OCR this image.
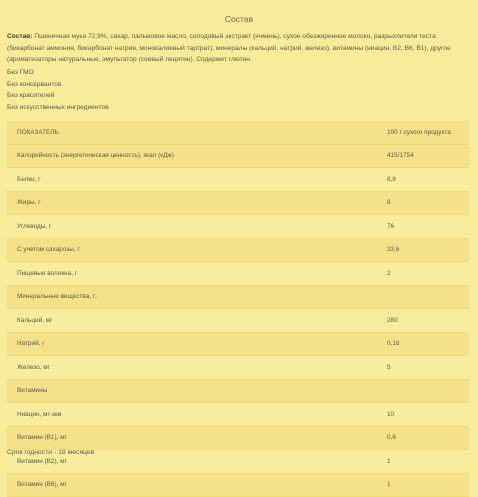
Состав
Состав: Пшеничная мука 72,9%, сахар, пальмовое масло, солодовый экстракт (ячмень), сухое обезжиренное молоко, разрыхлители теста (бикарбонат аммония, бикарбонат натрия, монокалиевый тартрат), минералы (кальций, натрий, железо), витамины (ниацин, B2, B6, B1), другое (ароматизаторы натуральные, эмульгатор (соевый лецитин). Содержит глютен.
Без ГМО
Без консервантов
Без красителей
Без искусственных ингредиентов
ПОКАЗАТЕЛЬ	100 г сухого продукта
Калорийность (энергетическая ценность), ккал (кДж)	415/1754
Белки, г	8,8
Жиры, г	8
Углеводы, г	76
С учетом сахарозы, г	23,6
Пищевые волокна, г	2
Минеральные вещества, г:	
Кальций, мг	280
Натрий, г	0,16
Железо, мг	5
Витамины	
Ниацин, мг-экв	10
Витамин (B1), мг	0,6
Витамин (B2), мг	1
Витамин (B6), мг	1
Срок годности - 18 месяцев
